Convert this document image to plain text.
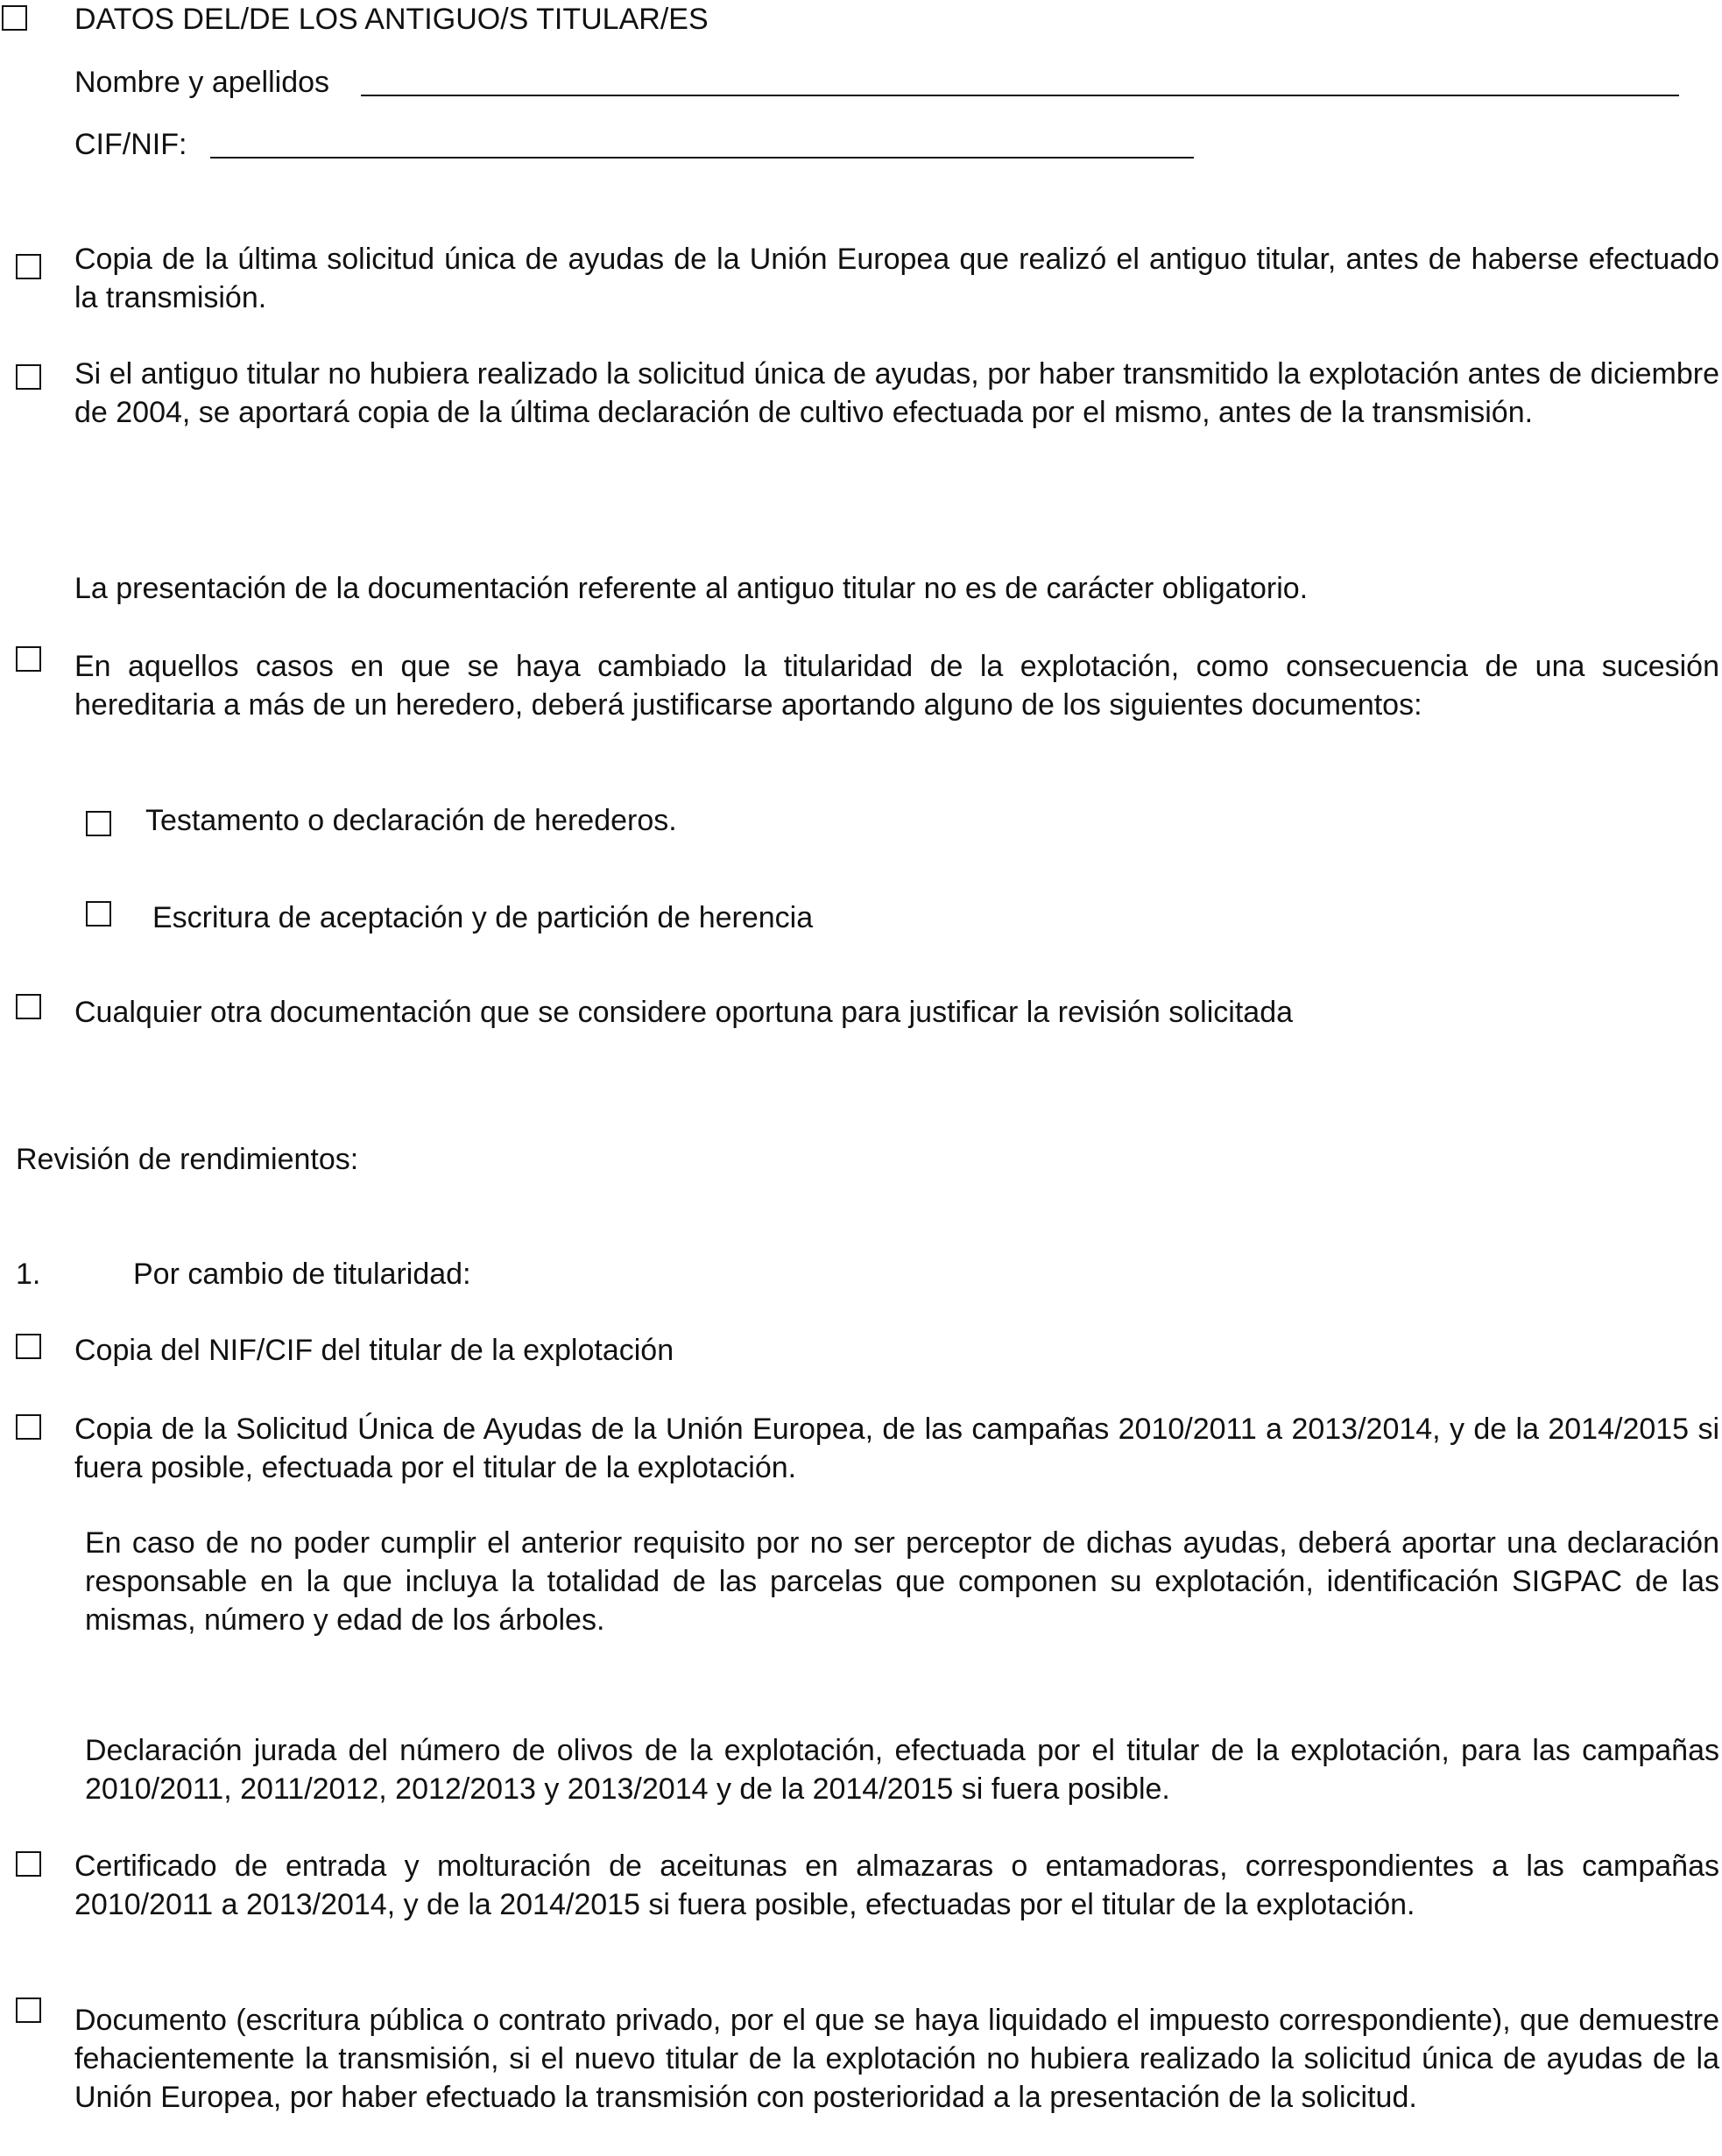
DATOS DEL/DE LOS ANTIGUO/S TITULAR/ES

Nombre y apellidos
CIF/NIF:

Copia de la última solicitud única de ayudas de la Unión Europea que realizó el antiguo titular, antes de haberse efectuado la transmisión.

Si el antiguo titular no hubiera realizado la solicitud única de ayudas, por haber transmitido la explotación antes de diciembre de 2004, se aportará copia de la última declaración de cultivo efectuada por el mismo, antes de la transmisión.

La presentación de la documentación referente al antiguo titular no es de carácter obligatorio.

En aquellos casos en que se haya cambiado la titularidad de la explotación, como consecuencia de una sucesión hereditaria a más de un heredero, deberá justificarse aportando alguno de los siguientes documentos:

Testamento o declaración de herederos.

Escritura de aceptación y de partición de herencia

Cualquier otra documentación que se considere oportuna para justificar la revisión solicitada

Revisión de rendimientos:

1.	Por cambio de titularidad:

Copia del NIF/CIF del titular de la explotación

Copia de la Solicitud Única de Ayudas de la Unión Europea, de las campañas 2010/2011 a 2013/2014, y de la 2014/2015 si fuera posible, efectuada por el titular de la explotación.

En caso de no poder cumplir el anterior requisito por no ser perceptor de dichas ayudas, deberá aportar una declaración responsable en la que incluya la totalidad de las parcelas que componen su explotación, identificación SIGPAC de las mismas, número y edad de los árboles.

Declaración jurada del número de olivos de la explotación, efectuada por el titular de la explotación, para las campañas 2010/2011, 2011/2012, 2012/2013 y 2013/2014 y de la 2014/2015 si fuera posible.

Certificado de entrada y molturación de aceitunas en almazaras o entamadoras, correspondientes a las campañas 2010/2011 a 2013/2014, y de la 2014/2015 si fuera posible, efectuadas por el titular de la explotación.

Documento (escritura pública o contrato privado, por el que se haya liquidado el impuesto correspondiente), que demuestre fehacientemente la transmisión, si el nuevo titular de la explotación no hubiera realizado la solicitud única de ayudas de la Unión Europea, por haber efectuado la transmisión con posterioridad a la presentación de la solicitud.
